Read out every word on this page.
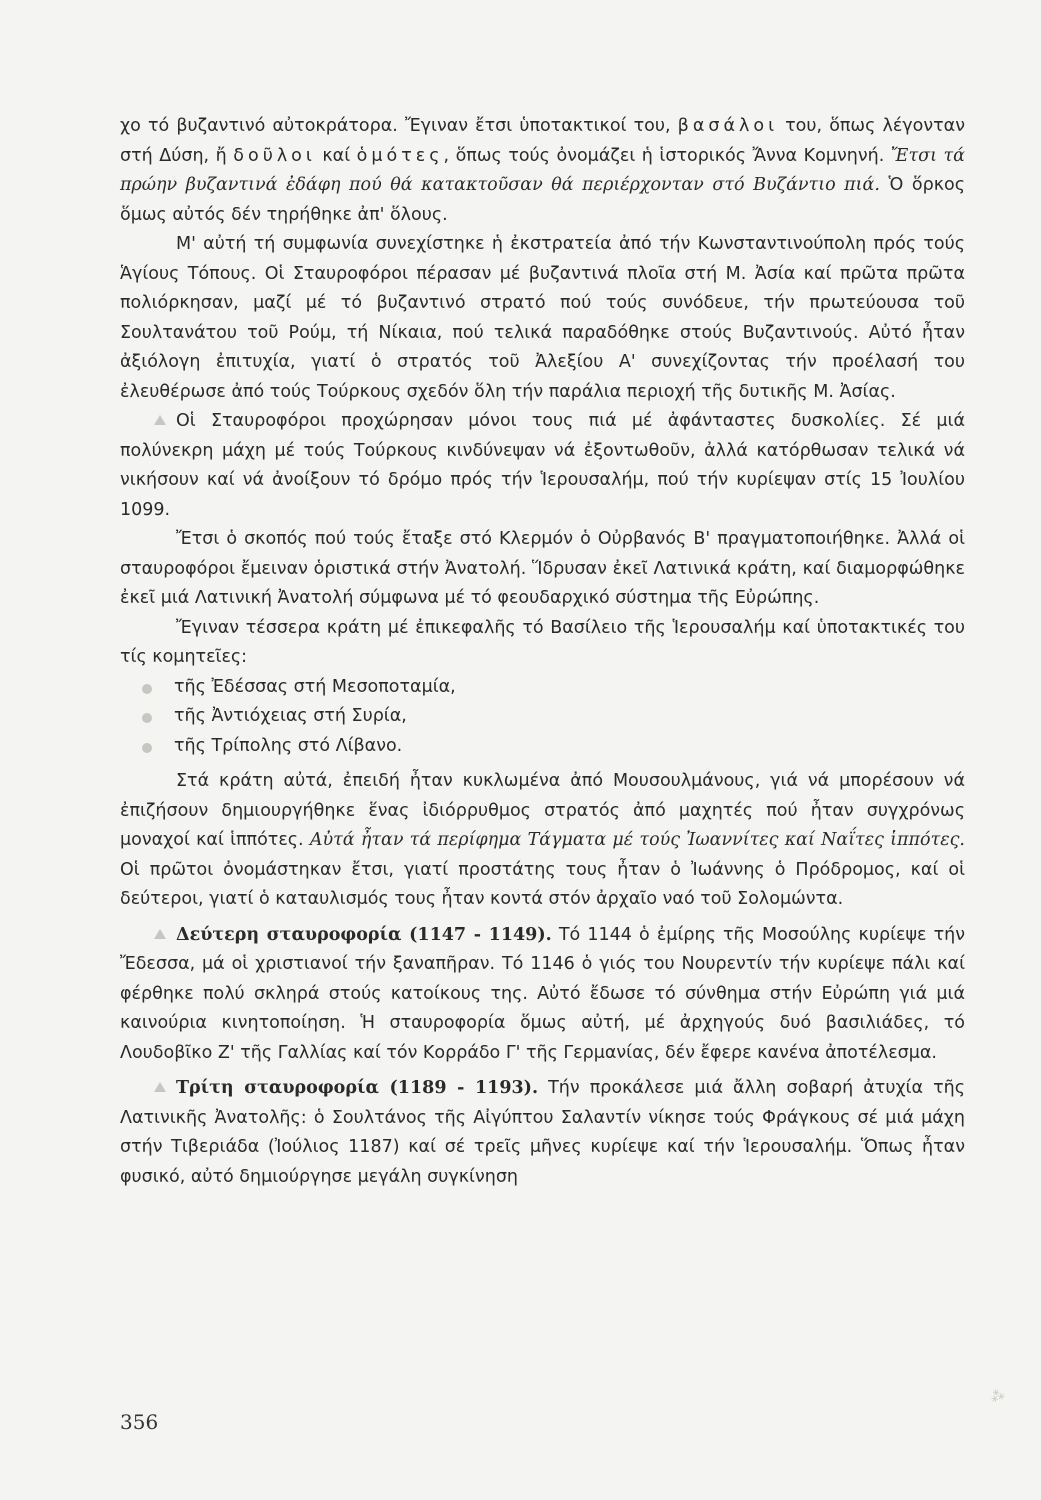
χο τό βυζαντινό αὐτοκράτορα. Ἔγιναν ἔτσι ὑποτακτικοί του, βασάλοι του, ὅπως λέγονταν στή Δύση, ἤ δοῦλοι καί ὁμότες, ὅπως τούς ὀνομάζει ἡ ἱστορικός Ἄννα Κομνηνή. Ἔτσι τά πρώην βυζαντινά ἐδάφη πού θά κατακτοῦσαν θά περιέρχονταν στό Βυζάντιο πιά. Ὁ ὅρκος ὅμως αὐτός δέν τηρήθηκε ἀπ' ὅλους.

Μ' αὐτή τή συμφωνία συνεχίστηκε ἡ ἐκστρατεία ἀπό τήν Κωνσταντινούπολη πρός τούς Ἁγίους Τόπους. Οἱ Σταυροφόροι πέρασαν μέ βυζαντινά πλοῖα στή Μ. Ἀσία καί πρῶτα πρῶτα πολιόρκησαν, μαζί μέ τό βυζαντινό στρατό πού τούς συνόδευε, τήν πρωτεύουσα τοῦ Σουλτανάτου τοῦ Ρούμ, τή Νίκαια, πού τελικά παραδόθηκε στούς Βυζαντινούς. Αὐτό ἦταν ἀξιόλογη ἐπιτυχία, γιατί ὁ στρατός τοῦ Ἀλεξίου Α' συνεχίζοντας τήν προέλασή του ἐλευθέρωσε ἀπό τούς Τούρκους σχεδόν ὅλη τήν παράλια περιοχή τῆς δυτικῆς Μ. Ἀσίας.

Οἱ Σταυροφόροι προχώρησαν μόνοι τους πιά μέ ἀφάνταστες δυσκολίες. Σέ μιά πολύνεκρη μάχη μέ τούς Τούρκους κινδύνεψαν νά ἐξοντωθοῦν, ἀλλά κατόρθωσαν τελικά νά νικήσουν καί νά ἀνοίξουν τό δρόμο πρός τήν Ἱερουσαλήμ, πού τήν κυρίεψαν στίς 15 Ἰουλίου 1099.

Ἔτσι ὁ σκοπός πού τούς ἔταξε στό Κλερμόν ὁ Οὐρβανός Β' πραγματοποιήθηκε. Ἀλλά οἱ σταυροφόροι ἔμειναν ὁριστικά στήν Ἀνατολή. Ἵδρυσαν ἐκεῖ Λατινικά κράτη, καί διαμορφώθηκε ἐκεῖ μιά Λατινική Ἀνατολή σύμφωνα μέ τό φεουδαρχικό σύστημα τῆς Εὐρώπης.

Ἔγιναν τέσσερα κράτη μέ ἐπικεφαλῆς τό Βασίλειο τῆς Ἱερουσαλήμ καί ὑποτακτικές του τίς κομητεῖες:

τῆς Ἐδέσσας στή Μεσοποταμία,
τῆς Ἀντιόχειας στή Συρία,
τῆς Τρίπολης στό Λίβανο.

Στά κράτη αὐτά, ἐπειδή ἦταν κυκλωμένα ἀπό Μουσουλμάνους, γιά νά μπορέσουν νά ἐπιζήσουν δημιουργήθηκε ἕνας ἰδιόρρυθμος στρατός ἀπό μαχητές πού ἦταν συγχρόνως μοναχοί καί ἱππότες. Αὐτά ἦταν τά περίφημα Τάγματα μέ τούς Ἰωαννίτες καί Ναΐτες ἱππότες. Οἱ πρῶτοι ὀνομάστηκαν ἔτσι, γιατί προστάτης τους ἦταν ὁ Ἰωάννης ὁ Πρόδρομος, καί οἱ δεύτεροι, γιατί ὁ καταυλισμός τους ἦταν κοντά στόν ἀρχαῖο ναό τοῦ Σολομώντα.

Δεύτερη σταυροφορία (1147 - 1149). Τό 1144 ὁ ἐμίρης τῆς Μοσούλης κυρίεψε τήν Ἔδεσσα, μά οἱ χριστιανοί τήν ξαναπῆραν. Τό 1146 ὁ γιός του Νουρεντίν τήν κυρίεψε πάλι καί φέρθηκε πολύ σκληρά στούς κατοίκους της. Αὐτό ἔδωσε τό σύνθημα στήν Εὐρώπη γιά μιά καινούρια κινητοποίηση. Ἡ σταυροφορία ὅμως αὐτή, μέ ἀρχηγούς δυό βασιλιάδες, τό Λουδοβῖκο Ζ' τῆς Γαλλίας καί τόν Κορράδο Γ' τῆς Γερμανίας, δέν ἔφερε κανένα ἀποτέλεσμα.

Τρίτη σταυροφορία (1189 - 1193). Τήν προκάλεσε μιά ἄλλη σοβαρή ἀτυχία τῆς Λατινικῆς Ἀνατολῆς: ὁ Σουλτάνος τῆς Αἰγύπτου Σαλαντίν νίκησε τούς Φράγκους σέ μιά μάχη στήν Τιβεριάδα (Ἰούλιος 1187) καί σέ τρεῖς μῆνες κυρίεψε καί τήν Ἱερουσαλήμ. Ὅπως ἦταν φυσικό, αὐτό δημιούργησε μεγάλη συγκίνηση

356
⁂
